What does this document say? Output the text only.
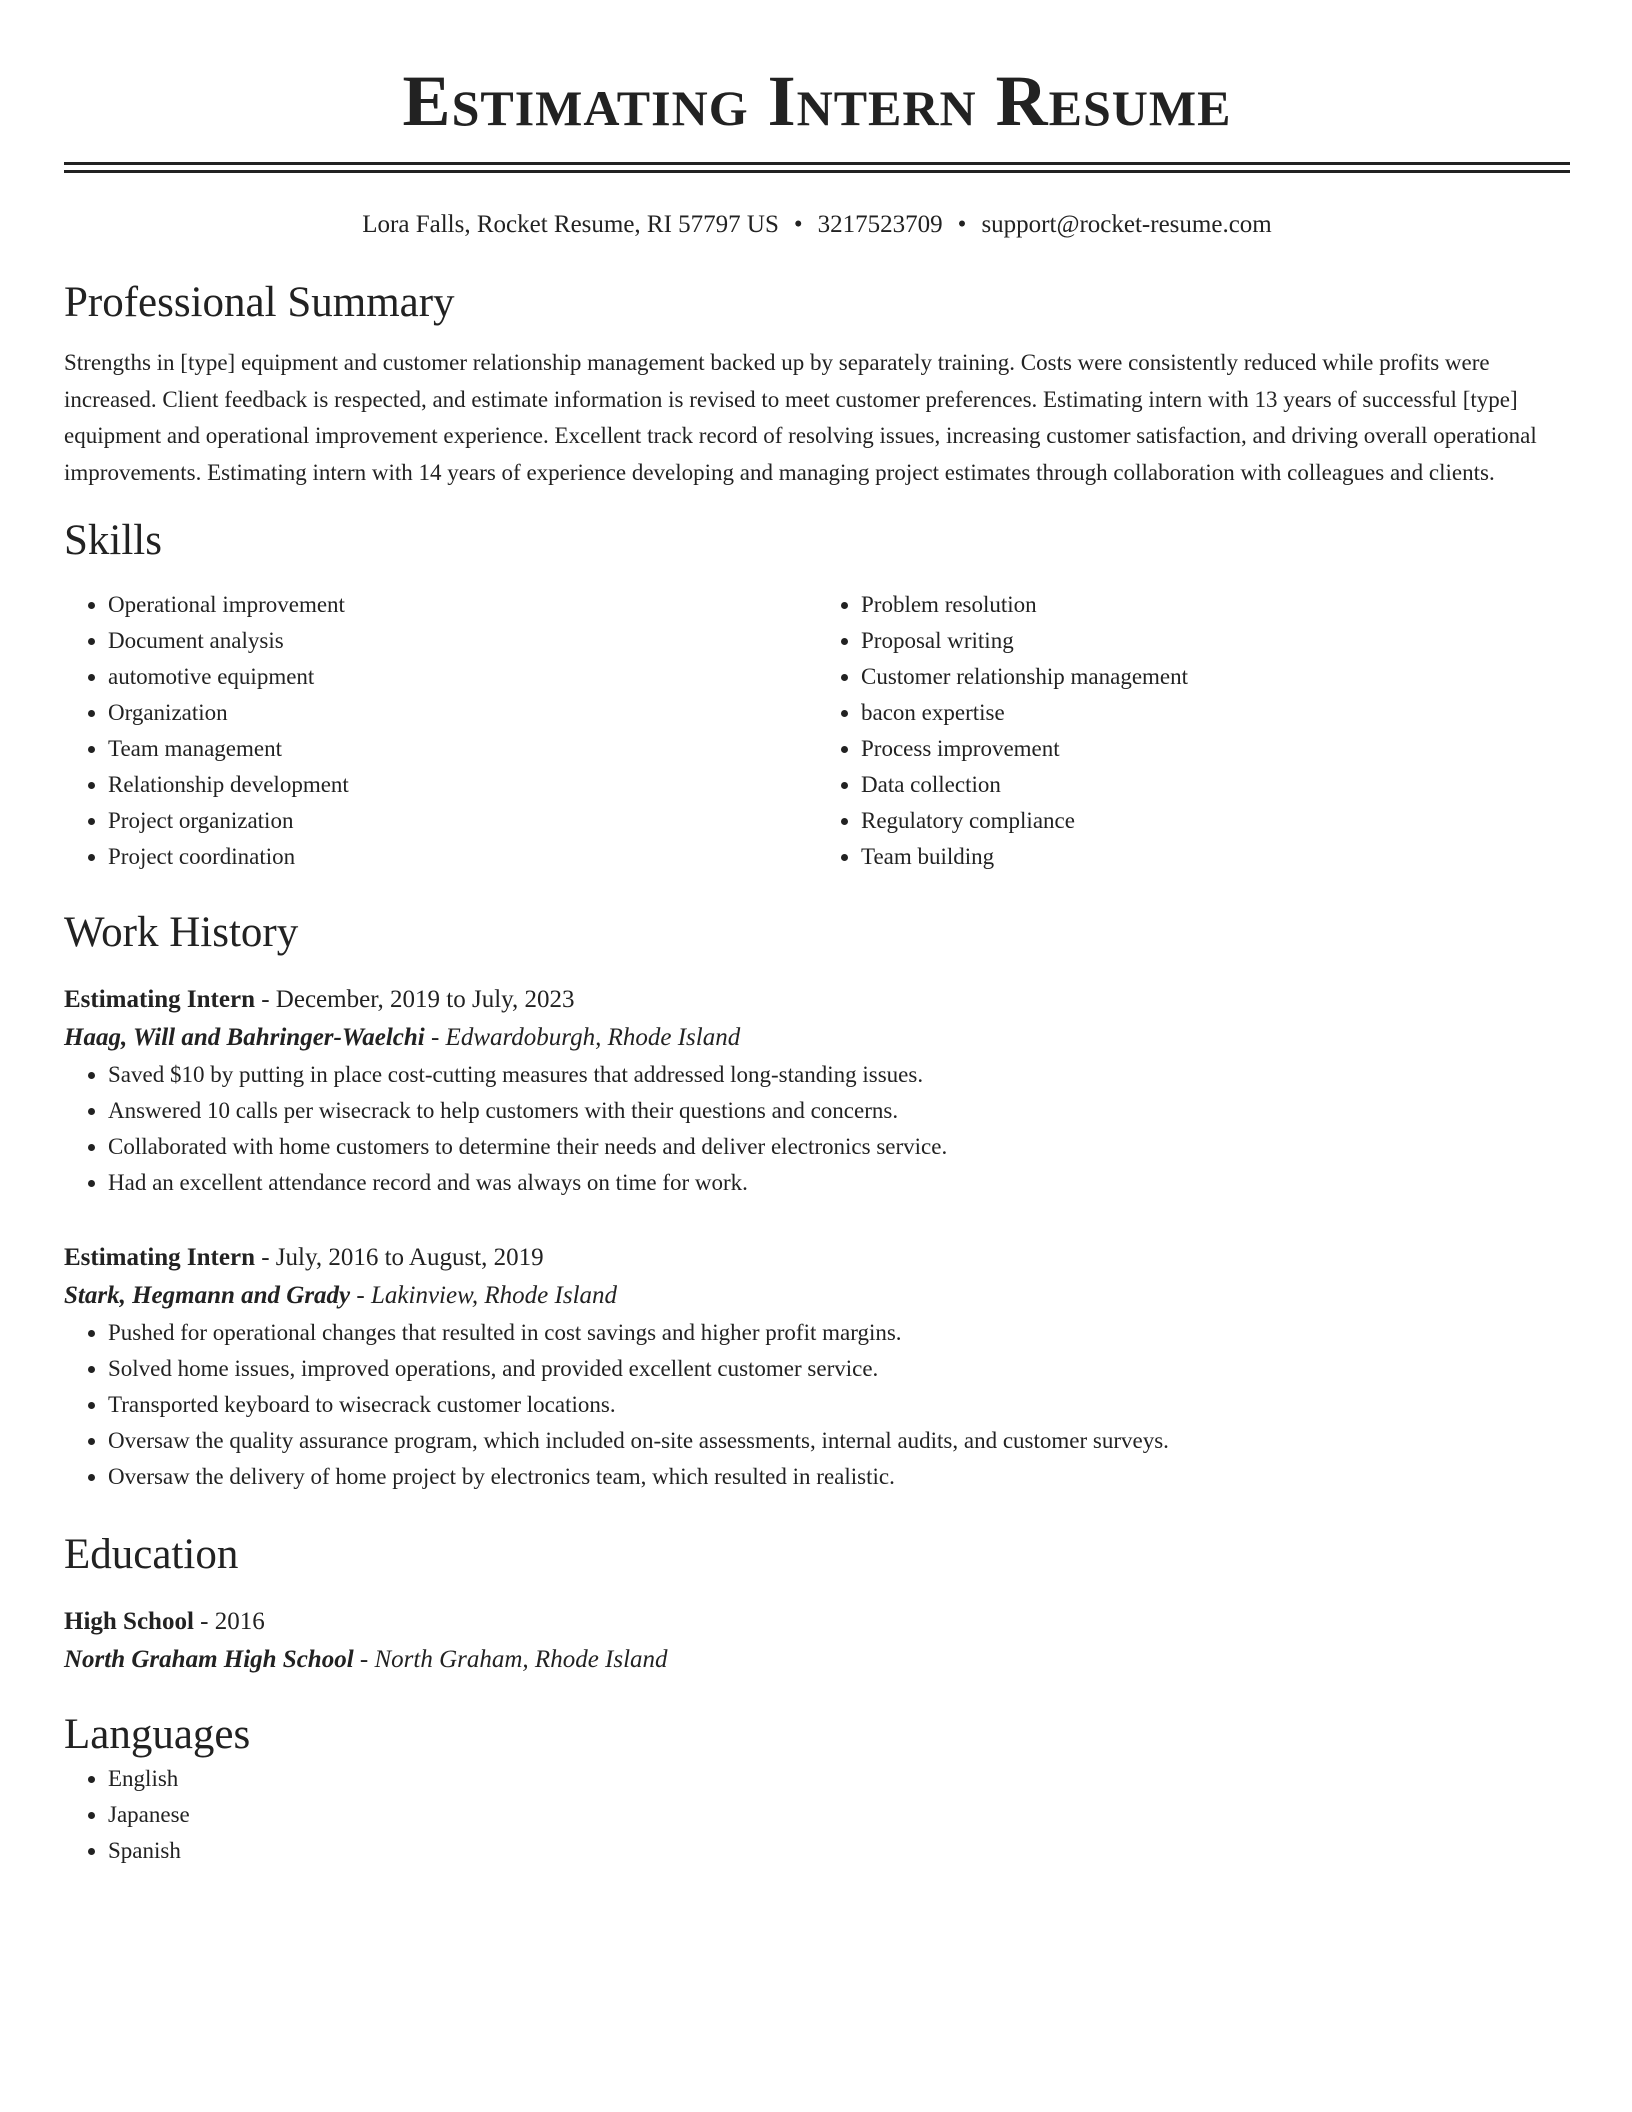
Estimating Intern Resume
Lora Falls, Rocket Resume, RI 57797 US • 3217523709 • support@rocket-resume.com
Professional Summary

Strengths in [type] equipment and customer relationship management backed up by separately training. Costs were consistently reduced while profits were increased. Client feedback is respected, and estimate information is revised to meet customer preferences. Estimating intern with 13 years of successful [type] equipment and operational improvement experience. Excellent track record of resolving issues, increasing customer satisfaction, and driving overall operational improvements. Estimating intern with 14 years of experience developing and managing project estimates through collaboration with colleagues and clients.

Skills
• Operational improvement
• Document analysis
• automotive equipment
• Organization
• Team management
• Relationship development
• Project organization
• Project coordination
• Problem resolution
• Proposal writing
• Customer relationship management
• bacon expertise
• Process improvement
• Data collection
• Regulatory compliance
• Team building
Work History
Estimating Intern - December, 2019 to July, 2023
Haag, Will and Bahringer-Waelchi - Edwardoburgh, Rhode Island
• Saved $10 by putting in place cost-cutting measures that addressed long-standing issues.
• Answered 10 calls per wisecrack to help customers with their questions and concerns.
• Collaborated with home customers to determine their needs and deliver electronics service.
• Had an excellent attendance record and was always on time for work.
Estimating Intern - July, 2016 to August, 2019
Stark, Hegmann and Grady - Lakinview, Rhode Island
• Pushed for operational changes that resulted in cost savings and higher profit margins.
• Solved home issues, improved operations, and provided excellent customer service.
• Transported keyboard to wisecrack customer locations.
• Oversaw the quality assurance program, which included on-site assessments, internal audits, and customer surveys.
• Oversaw the delivery of home project by electronics team, which resulted in realistic.
Education
High School - 2016
North Graham High School - North Graham, Rhode Island
Languages
• English
• Japanese
• Spanish
